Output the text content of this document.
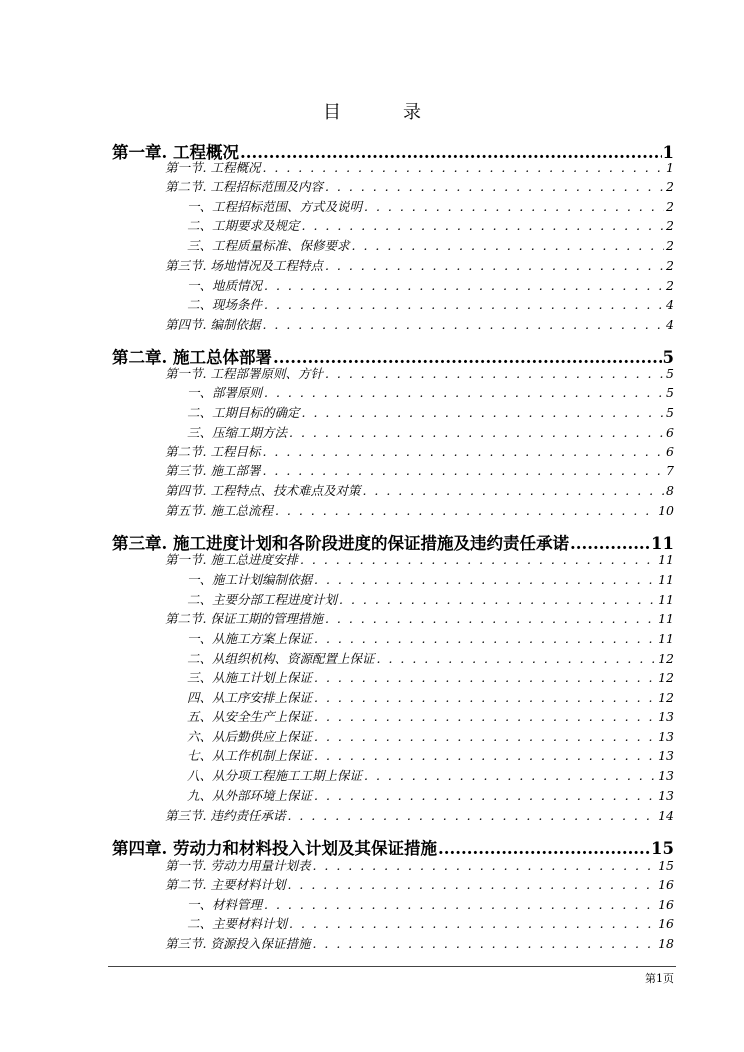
目　录
第一章. 工程概况 .....	1
第一节. 工程概况 . . .	1
第二节. 工程招标范围及内容 . . .	2
一、工程招标范围、方式及说明 . . .	2
二、工期要求及规定 . . .	2
三、工程质量标准、保修要求 . . .	2
第三节. 场地情况及工程特点 . . .	2
一、地质情况 . . .	2
二、现场条件 . . .	4
第四节. 编制依据 . . .	4
第二章. 施工总体部署 .....	5
第一节. 工程部署原则、方针 . . .	5
一、部署原则 . . .	5
二、工期目标的确定 . . .	5
三、压缩工期方法 . . .	6
第二节. 工程目标 . . .	6
第三节. 施工部署 . . .	7
第四节. 工程特点、技术难点及对策 . . .	8
第五节. 施工总流程 . . .	10
第三章. 施工进度计划和各阶段进度的保证措施及违约责任承诺 .....	11
第一节. 施工总进度安排 . . .	11
一、施工计划编制依据 . . .	11
二、主要分部工程进度计划 . . .	11
第二节. 保证工期的管理措施 . . .	11
一、从施工方案上保证 . . .	11
二、从组织机构、资源配置上保证 . . .	12
三、从施工计划上保证 . . .	12
四、从工序安排上保证 . . .	12
五、从安全生产上保证 . . .	13
六、从后勤供应上保证 . . .	13
七、从工作机制上保证 . . .	13
八、从分项工程施工工期上保证 . . .	13
九、从外部环境上保证 . . .	13
第三节. 违约责任承诺 . . .	14
第四章. 劳动力和材料投入计划及其保证措施 .....	15
第一节. 劳动力用量计划表 . . .	15
第二节. 主要材料计划 . . .	16
一、材料管理 . . .	16
二、主要材料计划 . . .	16
第三节. 资源投入保证措施 . . .	18
第1页
